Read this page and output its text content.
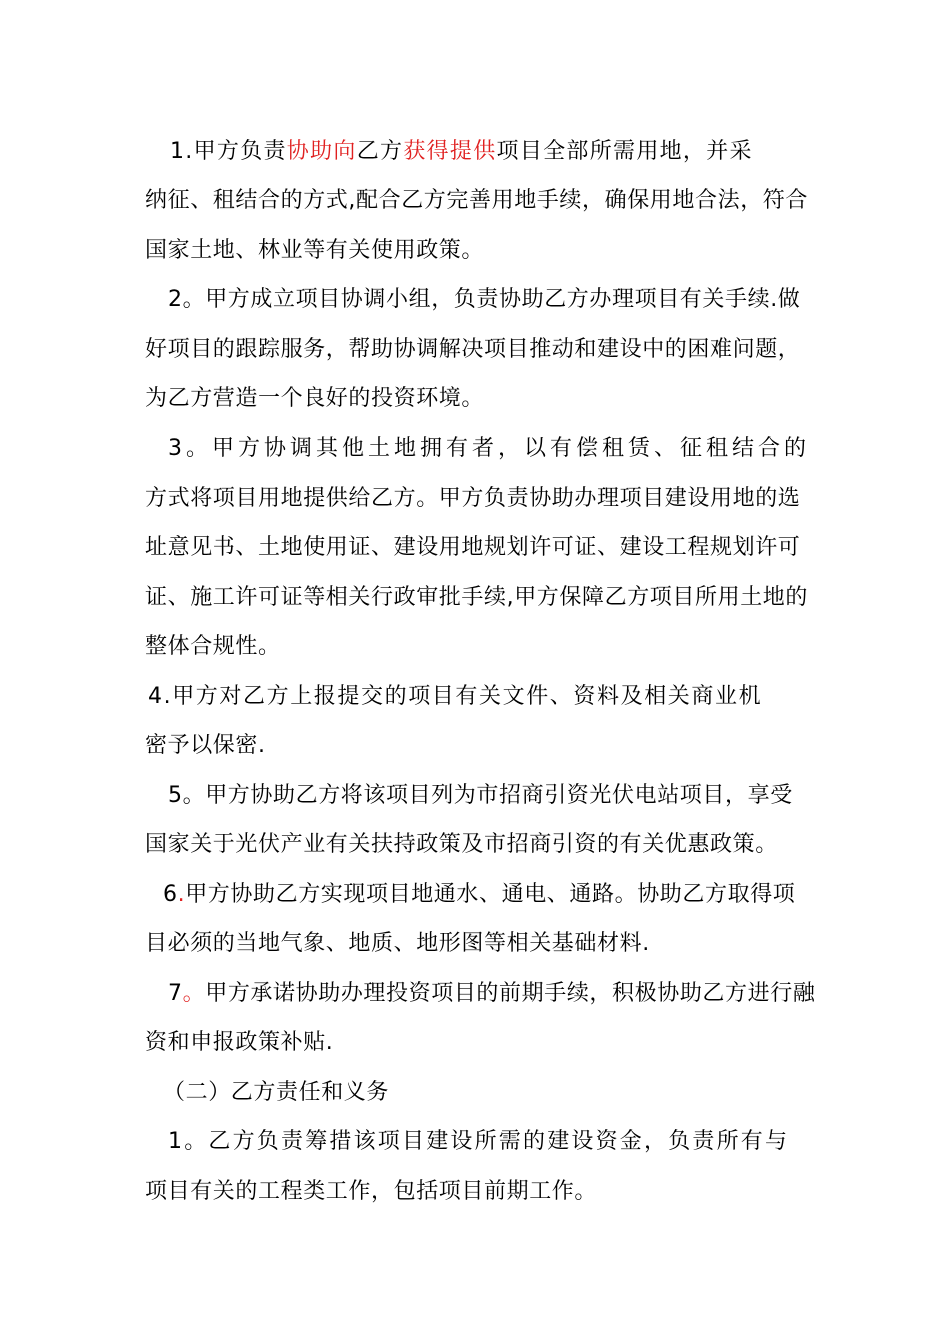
1.甲方负责协助向乙方获得提供项目全部所需用地，并采
纳征、租结合的方式,配合乙方完善用地手续，确保用地合法，符合
国家土地、林业等有关使用政策。
2。甲方成立项目协调小组，负责协助乙方办理项目有关手续.做
好项目的跟踪服务，帮助协调解决项目推动和建设中的困难问题，
为乙方营造一个良好的投资环境。
3。甲方协调其他土地拥有者，以有偿租赁、征租结合的
方式将项目用地提供给乙方。甲方负责协助办理项目建设用地的选
址意见书、土地使用证、建设用地规划许可证、建设工程规划许可
证、施工许可证等相关行政审批手续,甲方保障乙方项目所用土地的
整体合规性。
4.甲方对乙方上报提交的项目有关文件、资料及相关商业机
密予以保密.
5。甲方协助乙方将该项目列为市招商引资光伏电站项目，享受
国家关于光伏产业有关扶持政策及市招商引资的有关优惠政策。
6.甲方协助乙方实现项目地通水、通电、通路。协助乙方取得项
目必须的当地气象、地质、地形图等相关基础材料.
7。甲方承诺协助办理投资项目的前期手续，积极协助乙方进行融
资和申报政策补贴.
（二）乙方责任和义务
1。乙方负责筹措该项目建设所需的建设资金，负责所有与
项目有关的工程类工作，包括项目前期工作。
